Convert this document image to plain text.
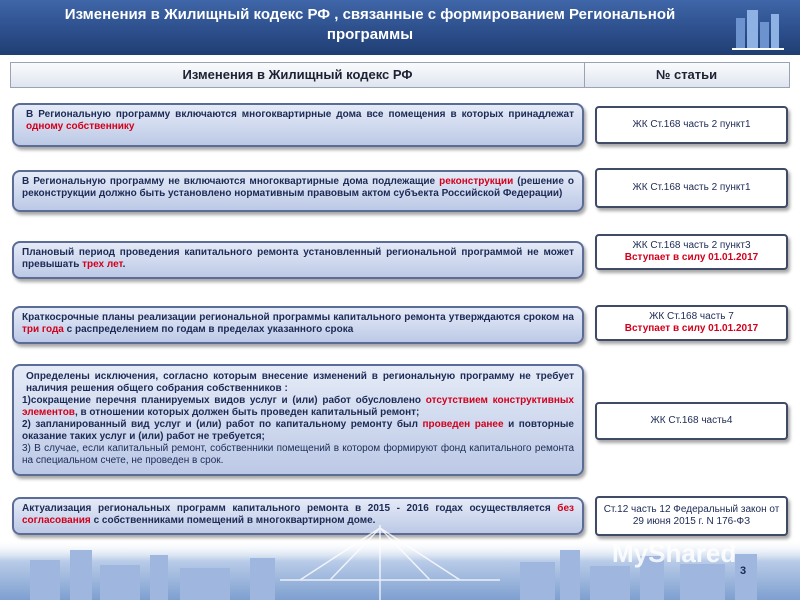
Изменения в Жилищный кодекс РФ , связанные с формированием Региональной программы
Изменения в Жилищный кодекс РФ	№ статьи
В Региональную программу включаются многоквартирные дома все помещения в которых принадлежат одному собственнику	ЖК Ст.168 часть 2 пункт1
В Региональную программу не включаются многоквартирные дома подлежащие реконструкции (решение о реконструкции должно быть установлено нормативным правовым актом субъекта Российской Федерации)
ЖК Ст.168 часть 2 пункт1
Плановый период проведения капитального ремонта установленный региональной программой не может превышать трех лет.
ЖК Ст.168 часть 2 пункт3
Вступает в силу 01.01.2017
Краткосрочные планы реализации региональной программы капитального ремонта утверждаются сроком на три года с распределением по годам в пределах указанного срока
ЖК Ст.168 часть 7
Вступает в силу 01.01.2017
Определены исключения, согласно которым внесение изменений в региональную программу не требует наличия решения общего собрания собственников :
1)сокращение перечня планируемых видов услуг и (или) работ обусловлено отсутствием конструктивных элементов, в отношении которых должен быть проведен капитальный ремонт;
2) запланированный вид услуг и (или) работ по капитальному ремонту был проведен ранее и повторные оказание таких услуг и (или) работ не требуется;
3) В случае, если капитальный ремонт, собственники помещений в котором формируют фонд капитального ремонта на специальном счете, не проведен в срок.
ЖК Ст.168 часть4
Актуализация региональных программ капитального ремонта в 2015 - 2016 годах осуществляется без согласования с собственниками помещений в многоквартирном доме.
Ст.12 часть 12 Федеральный закон от 29 июня 2015 г. N 176-ФЗ
MyShared
3
